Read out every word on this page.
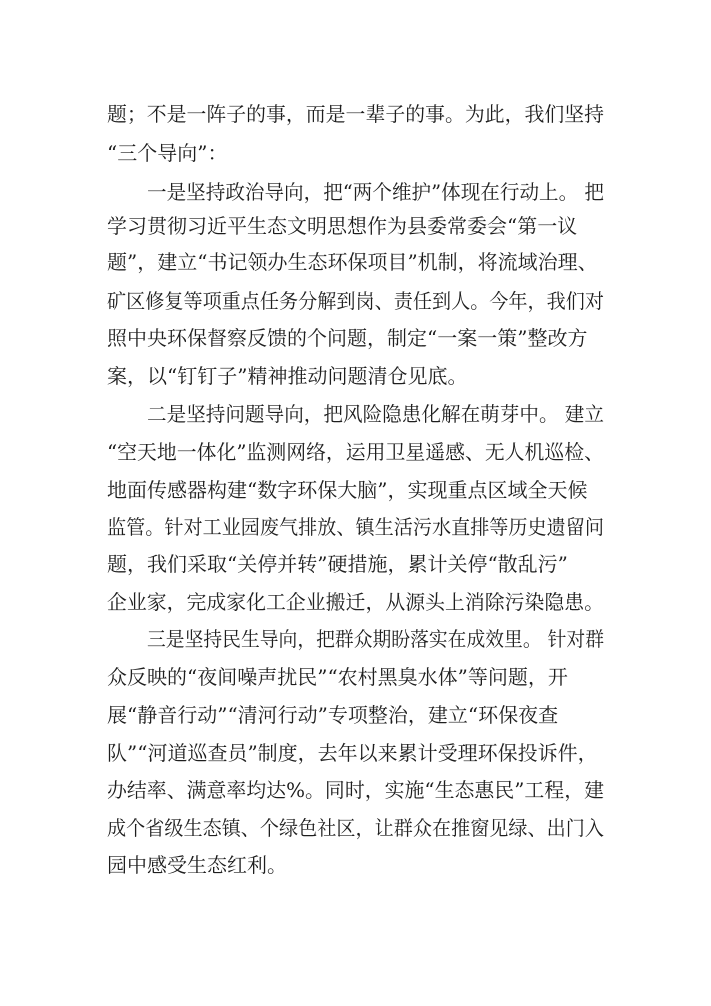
题；不是一阵子的事，而是一辈子的事。为此，我们坚持
“三个导向”：
一是坚持政治导向，把“两个维护”体现在行动上。 把
学习贯彻习近平生态文明思想作为县委常委会“第一议
题”，建立“书记领办生态环保项目”机制，将流域治理、
矿区修复等项重点任务分解到岗、责任到人。今年，我们对
照中央环保督察反馈的个问题，制定“一案一策”整改方
案，以“钉钉子”精神推动问题清仓见底。
二是坚持问题导向，把风险隐患化解在萌芽中。 建立
“空天地一体化”监测网络，运用卫星遥感、无人机巡检、
地面传感器构建“数字环保大脑”，实现重点区域全天候
监管。针对工业园废气排放、镇生活污水直排等历史遗留问
题，我们采取“关停并转”硬措施，累计关停“散乱污”
企业家，完成家化工企业搬迁，从源头上消除污染隐患。
三是坚持民生导向，把群众期盼落实在成效里。 针对群
众反映的“夜间噪声扰民”“农村黑臭水体”等问题，开
展“静音行动”“清河行动”专项整治，建立“环保夜查
队”“河道巡查员”制度，去年以来累计受理环保投诉件，
办结率、满意率均达%。同时，实施“生态惠民”工程，建
成个省级生态镇、个绿色社区，让群众在推窗见绿、出门入
园中感受生态红利。
